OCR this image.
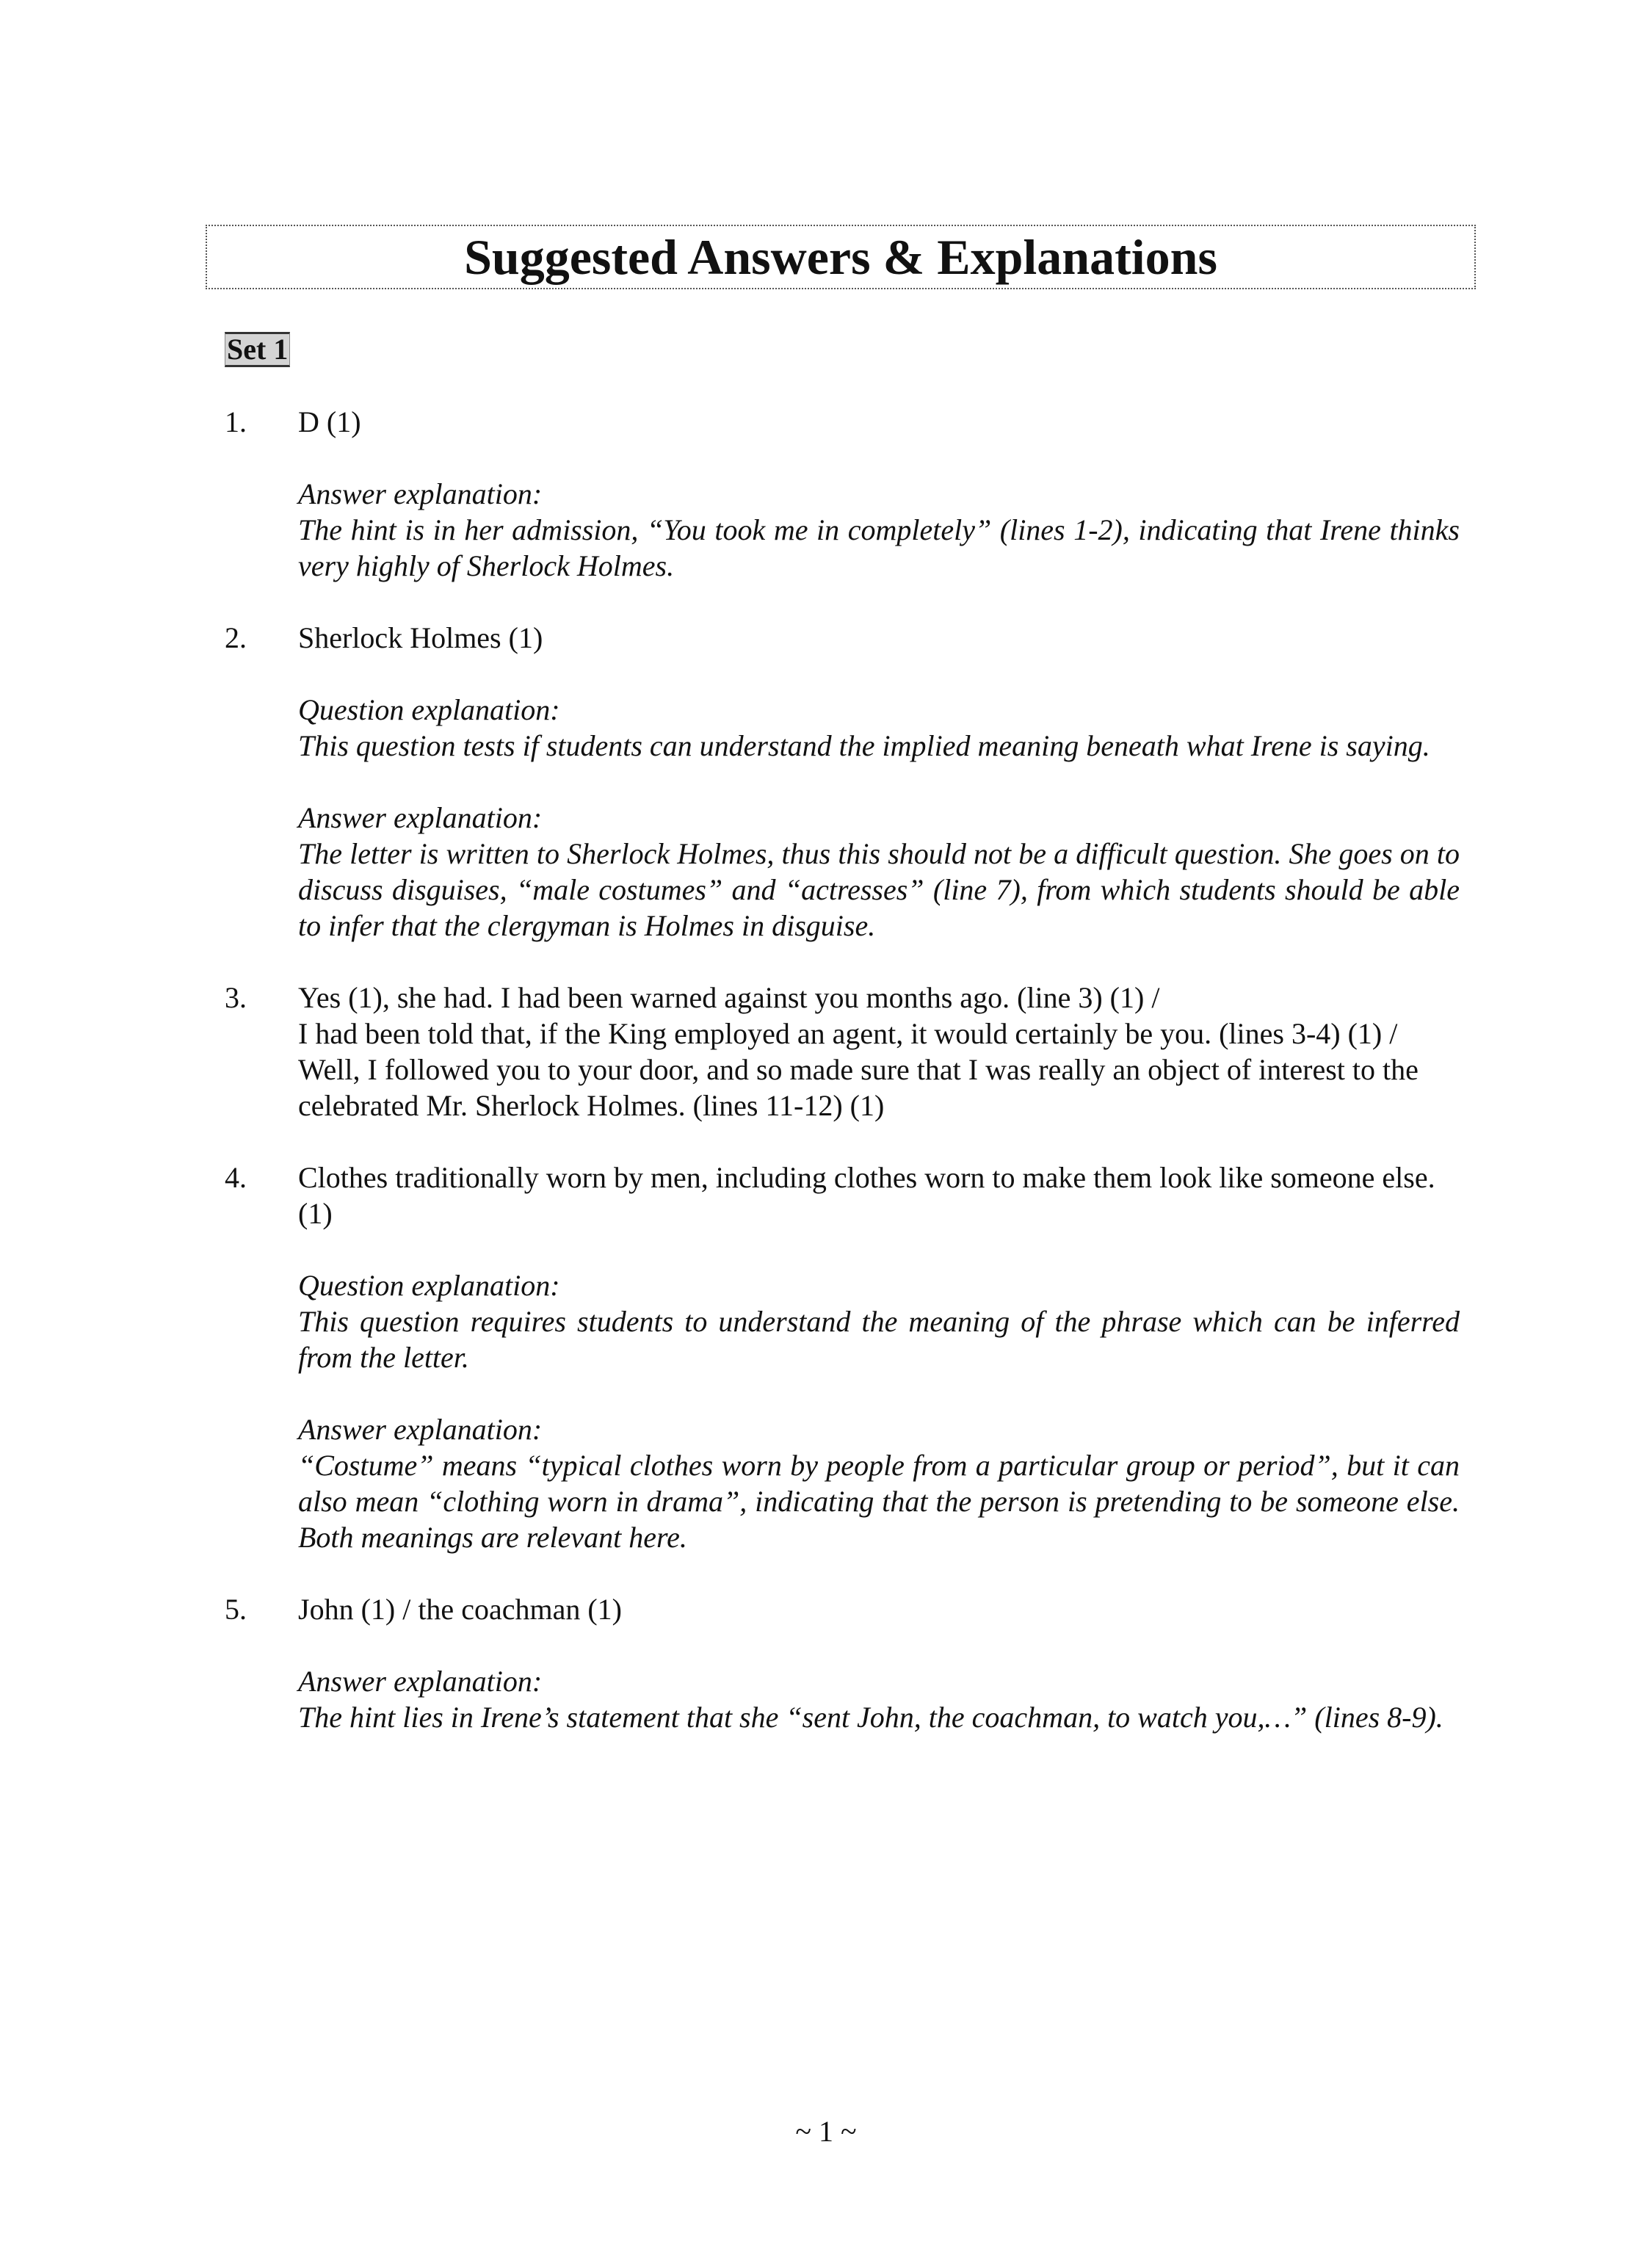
Suggested Answers & Explanations
Set 1
1.	D (1)
Answer explanation:
The hint is in her admission, “You took me in completely” (lines 1-2), indicating that Irene thinks very highly of Sherlock Holmes.
2.	Sherlock Holmes (1)
Question explanation:
This question tests if students can understand the implied meaning beneath what Irene is saying.
Answer explanation:
The letter is written to Sherlock Holmes, thus this should not be a difficult question. She goes on to discuss disguises, “male costumes” and “actresses” (line 7), from which students should be able to infer that the clergyman is Holmes in disguise.
3.	Yes (1), she had. I had been warned against you months ago. (line 3) (1) /
I had been told that, if the King employed an agent, it would certainly be you. (lines 3-4) (1) /
Well, I followed you to your door, and so made sure that I was really an object of interest to the celebrated Mr. Sherlock Holmes. (lines 11-12) (1)
4.	Clothes traditionally worn by men, including clothes worn to make them look like someone else. (1)
Question explanation:
This question requires students to understand the meaning of the phrase which can be inferred from the letter.
Answer explanation:
“Costume” means “typical clothes worn by people from a particular group or period”, but it can also mean “clothing worn in drama”, indicating that the person is pretending to be someone else. Both meanings are relevant here.
5.	John (1) / the coachman (1)
Answer explanation:
The hint lies in Irene’s statement that she “sent John, the coachman, to watch you,…” (lines 8-9).
~ 1 ~
